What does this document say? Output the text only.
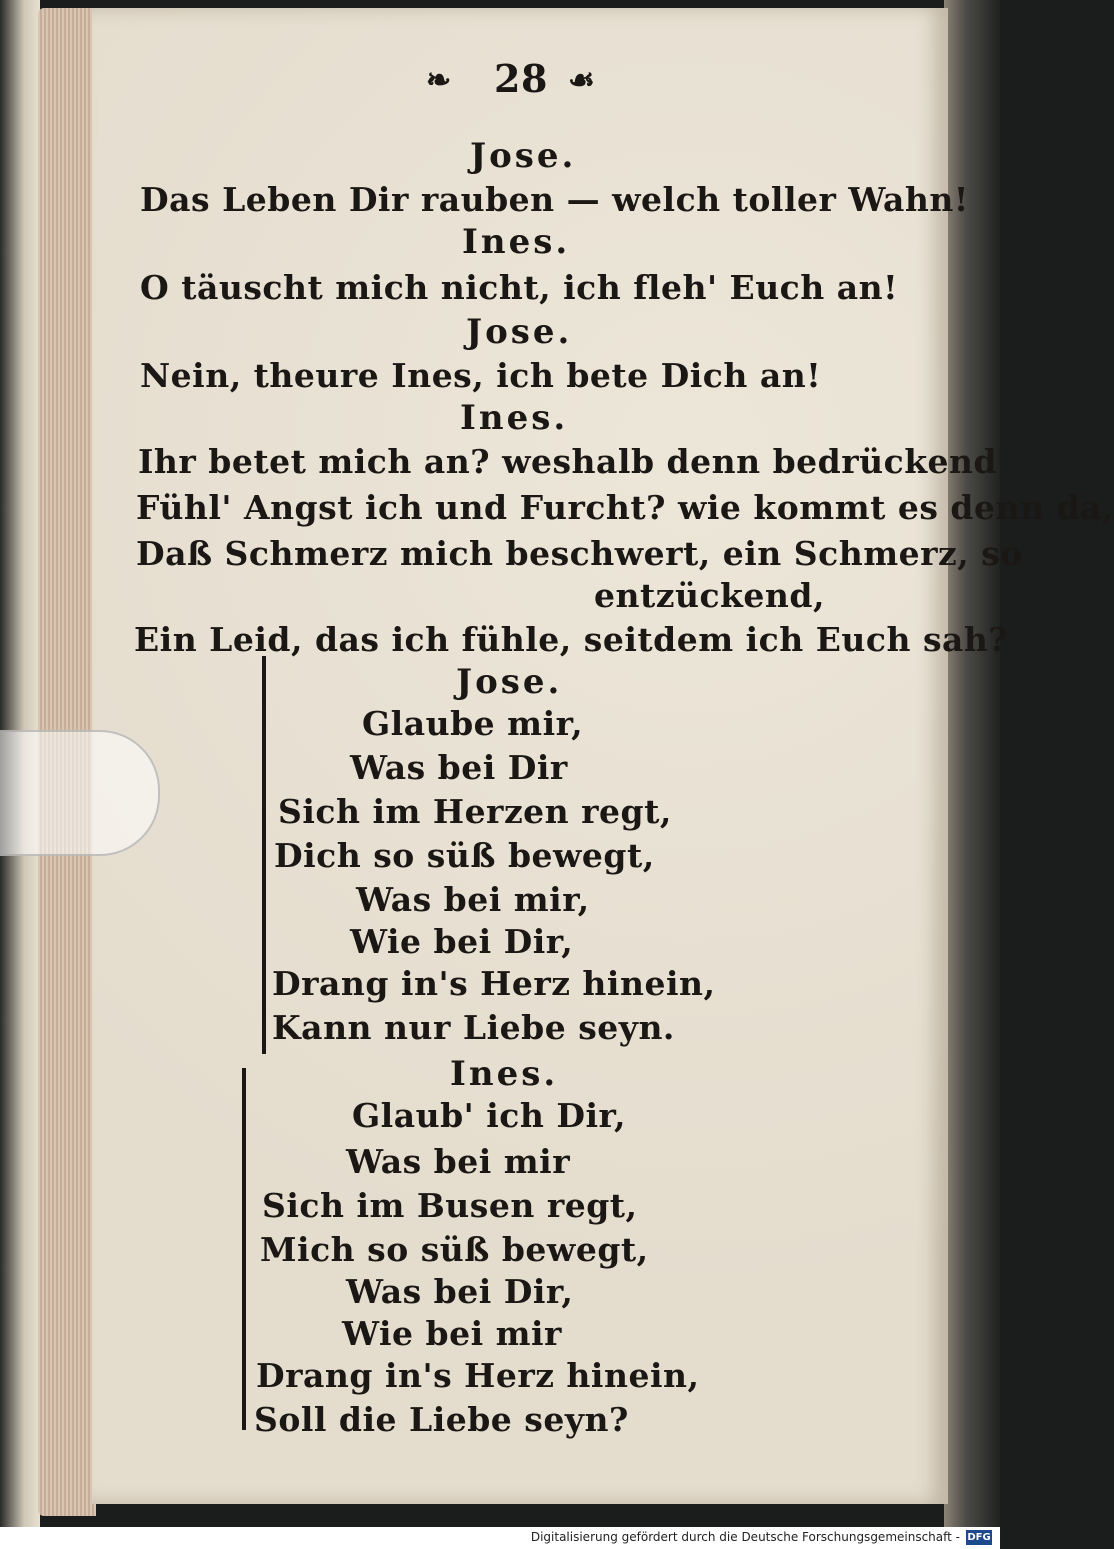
❧ 28 ☙
Jose.
Das Leben Dir rauben — welch toller Wahn!
Ines.
O täuscht mich nicht, ich fleh' Euch an!
Jose.
Nein, theure Ines, ich bete Dich an!
Ines.
Ihr betet mich an? weshalb denn bedrückend
Fühl' Angst ich und Furcht? wie kommt es denn da,
Daß Schmerz mich beschwert, ein Schmerz, so
entzückend,
Ein Leid, das ich fühle, seitdem ich Euch sah?
Jose.
Glaube mir,
Was bei Dir
Sich im Herzen regt,
Dich so süß bewegt,
Was bei mir,
Wie bei Dir,
Drang in's Herz hinein,
Kann nur Liebe seyn.
Ines.
Glaub' ich Dir,
Was bei mir
Sich im Busen regt,
Mich so süß bewegt,
Was bei Dir,
Wie bei mir
Drang in's Herz hinein,
Soll die Liebe seyn?
Digitalisierung gefördert durch die Deutsche Forschungsgemeinschaft - DFG
